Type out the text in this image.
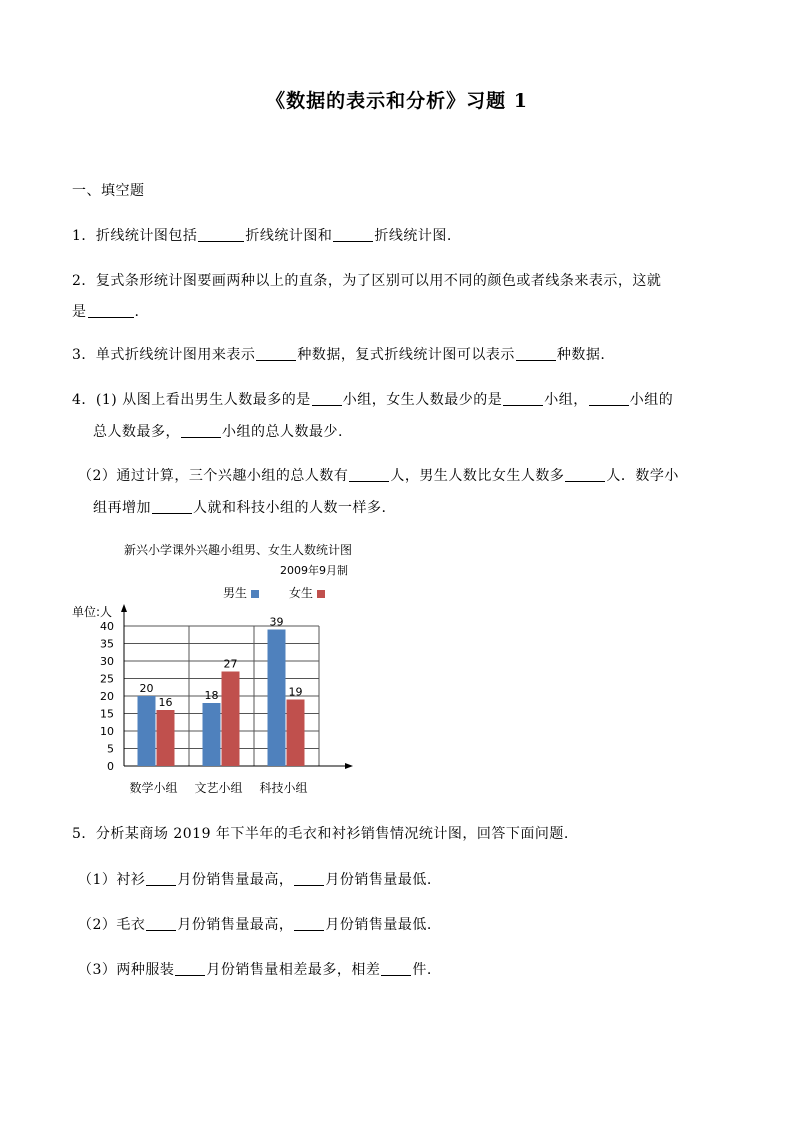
《数据的表示和分析》习题 1
一、填空题
1．折线统计图包括	折线统计图和	折线统计图.
2．复式条形统计图要画两种以上的直条，为了区别可以用不同的颜色或者线条来表示，这就
是	.
3．单式折线统计图用来表示	种数据，复式折线统计图可以表示	种数据.
4．(1) 从图上看出男生人数最多的是 小组，女生人数最少的是	小组，	小组的
总人数最多，	小组的总人数最少.
（2）通过计算，三个兴趣小组的总人数有	人，男生人数比女生人数多	人．数学小
组再增加	人就和科技小组的人数一样多.
新兴小学课外兴趣小组男、女生人数统计图
2009年9月制
男生	女生
单位:人
0
5
10
15
20
25
30
35
40
20
16
数学小组
18
27
文艺小组
39
19
科技小组
5．分析某商场 2019 年下半年的毛衣和衬衫销售情况统计图，回答下面问题.
（1）衬衫 月份销售量最高， 月份销售量最低.
（2）毛衣 月份销售量最高， 月份销售量最低.
（3）两种服装 月份销售量相差最多，相差 件.
